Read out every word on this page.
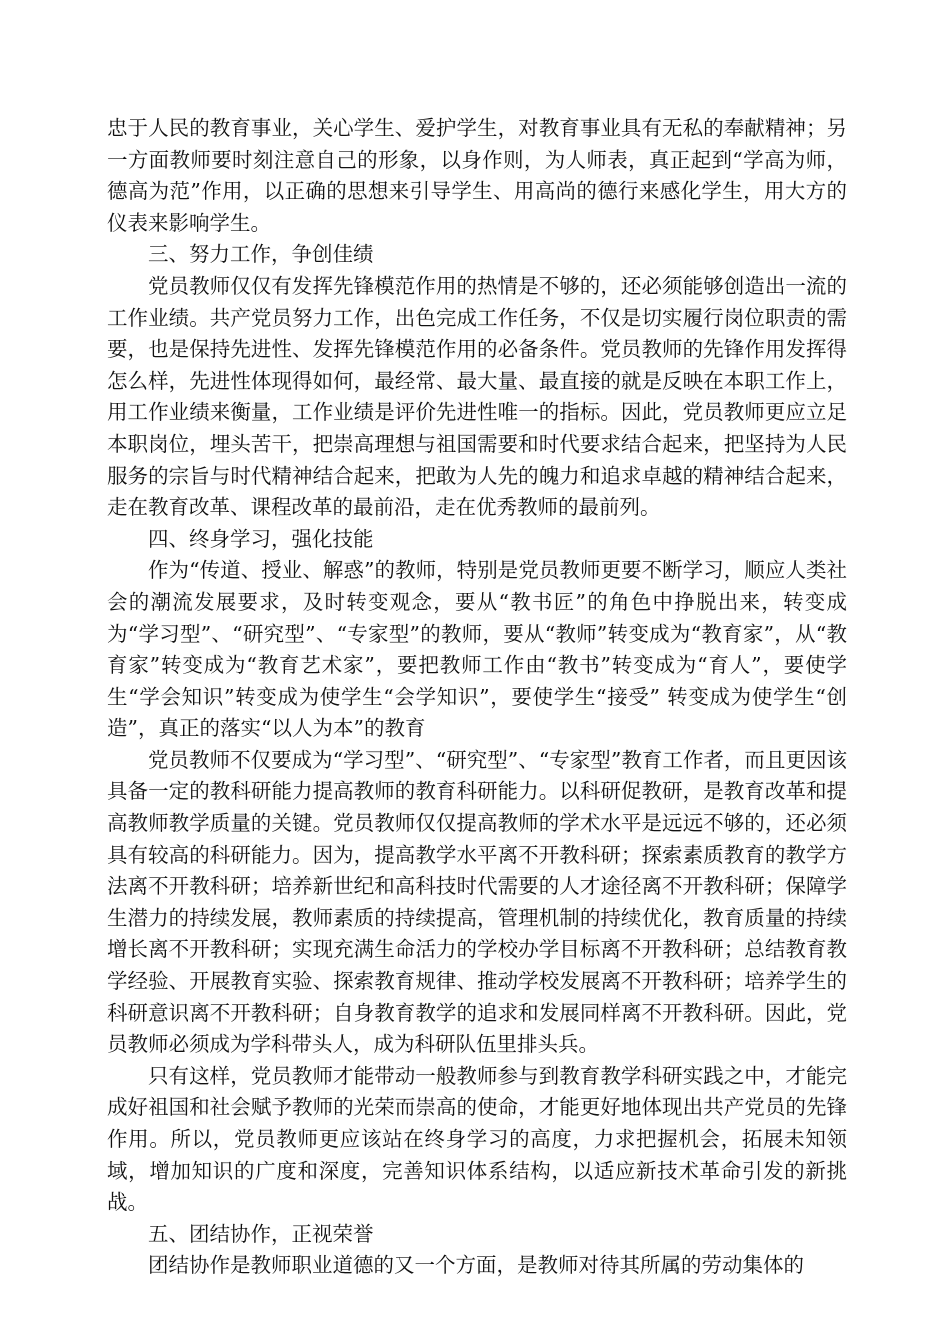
忠于人民的教育事业，关心学生、爱护学生，对教育事业具有无私的奉献精神；另一方面教师要时刻注意自己的形象，以身作则，为人师表，真正起到“学高为师，德高为范”作用，以正确的思想来引导学生、用高尚的德行来感化学生，用大方的仪表来影响学生。

三、努力工作，争创佳绩

党员教师仅仅有发挥先锋模范作用的热情是不够的，还必须能够创造出一流的工作业绩。共产党员努力工作，出色完成工作任务，不仅是切实履行岗位职责的需要，也是保持先进性、发挥先锋模范作用的必备条件。党员教师的先锋作用发挥得怎么样，先进性体现得如何，最经常、最大量、最直接的就是反映在本职工作上，用工作业绩来衡量，工作业绩是评价先进性唯一的指标。因此，党员教师更应立足本职岗位，埋头苦干，把崇高理想与祖国需要和时代要求结合起来，把坚持为人民服务的宗旨与时代精神结合起来，把敢为人先的魄力和追求卓越的精神结合起来，走在教育改革、课程改革的最前沿，走在优秀教师的最前列。

四、终身学习，强化技能

作为“传道、授业、解惑”的教师，特别是党员教师更要不断学习，顺应人类社会的潮流发展要求，及时转变观念，要从“教书匠”的角色中挣脱出来，转变成为“学习型”、“研究型”、“专家型”的教师，要从“教师”转变成为“教育家”，从“教育家”转变成为“教育艺术家”，要把教师工作由“教书”转变成为“育人”，要使学生“学会知识”转变成为使学生“会学知识”，要使学生“接受” 转变成为使学生“创造”，真正的落实“以人为本”的教育

党员教师不仅要成为“学习型”、“研究型”、“专家型”教育工作者，而且更因该具备一定的教科研能力提高教师的教育科研能力。以科研促教研，是教育改革和提高教师教学质量的关键。党员教师仅仅提高教师的学术水平是远远不够的，还必须具有较高的科研能力。因为，提高教学水平离不开教科研；探索素质教育的教学方法离不开教科研；培养新世纪和高科技时代需要的人才途径离不开教科研；保障学生潜力的持续发展，教师素质的持续提高，管理机制的持续优化，教育质量的持续增长离不开教科研；实现充满生命活力的学校办学目标离不开教科研；总结教育教学经验、开展教育实验、探索教育规律、推动学校发展离不开教科研；培养学生的科研意识离不开教科研；自身教育教学的追求和发展同样离不开教科研。因此，党员教师必须成为学科带头人，成为科研队伍里排头兵。

只有这样，党员教师才能带动一般教师参与到教育教学科研实践之中，才能完成好祖国和社会赋予教师的光荣而崇高的使命，才能更好地体现出共产党员的先锋作用。所以，党员教师更应该站在终身学习的高度，力求把握机会，拓展未知领域，增加知识的广度和深度，完善知识体系结构，以适应新技术革命引发的新挑战。

五、团结协作，正视荣誉

团结协作是教师职业道德的又一个方面，是教师对待其所属的劳动集体的
